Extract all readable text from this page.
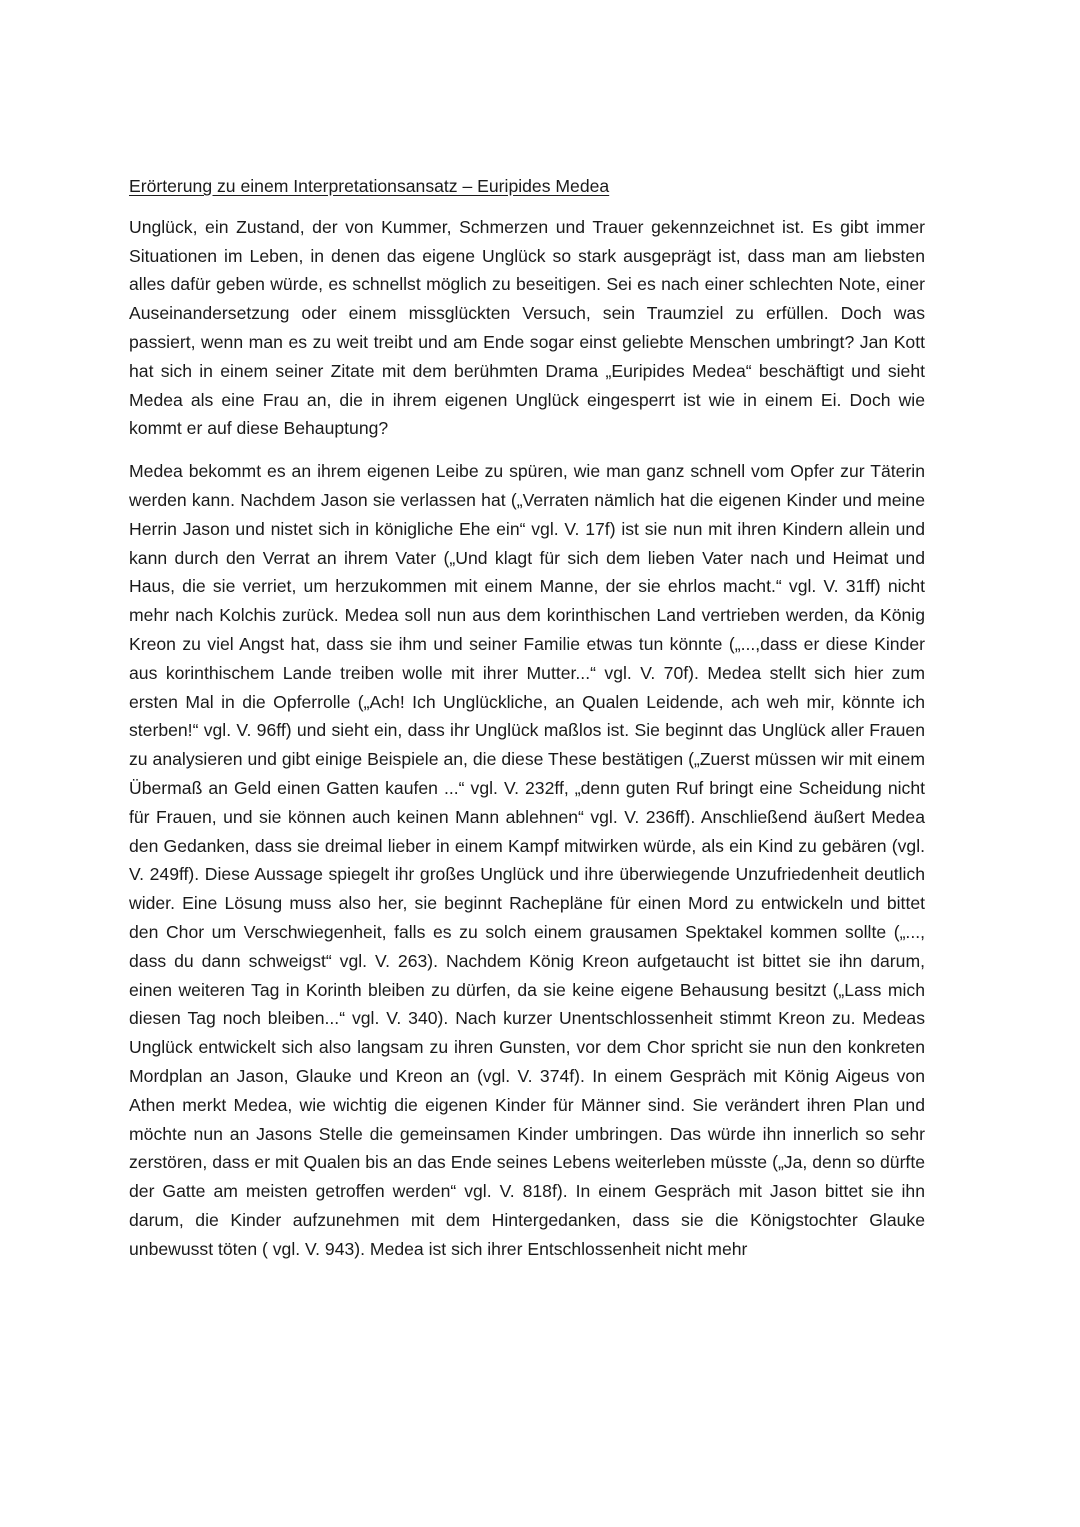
Erörterung zu einem Interpretationsansatz – Euripides Medea

Unglück, ein Zustand, der von Kummer, Schmerzen und Trauer gekennzeichnet ist. Es gibt immer Situationen im Leben, in denen das eigene Unglück so stark ausgeprägt ist, dass man am liebsten alles dafür geben würde, es schnellst möglich zu beseitigen. Sei es nach einer schlechten Note, einer Auseinandersetzung oder einem missglückten Versuch, sein Traumziel zu erfüllen. Doch was passiert, wenn man es zu weit treibt und am Ende sogar einst geliebte Menschen umbringt? Jan Kott hat sich in einem seiner Zitate mit dem berühmten Drama „Euripides Medea“ beschäftigt und sieht Medea als eine Frau an, die in ihrem eigenen Unglück eingesperrt ist wie in einem Ei. Doch wie kommt er auf diese Behauptung?

Medea bekommt es an ihrem eigenen Leibe zu spüren, wie man ganz schnell vom Opfer zur Täterin werden kann. Nachdem Jason sie verlassen hat („Verraten nämlich hat die eigenen Kinder und meine Herrin Jason und nistet sich in königliche Ehe ein“ vgl. V. 17f) ist sie nun mit ihren Kindern allein und kann durch den Verrat an ihrem Vater („Und klagt für sich dem lieben Vater nach und Heimat und Haus, die sie verriet, um herzukommen mit einem Manne, der sie ehrlos macht.“ vgl. V. 31ff) nicht mehr nach Kolchis zurück. Medea soll nun aus dem korinthischen Land vertrieben werden, da König Kreon zu viel Angst hat, dass sie ihm und seiner Familie etwas tun könnte („...,dass er diese Kinder aus korinthischem Lande treiben wolle mit ihrer Mutter...“ vgl. V. 70f). Medea stellt sich hier zum ersten Mal in die Opferrolle („Ach! Ich Unglückliche, an Qualen Leidende, ach weh mir, könnte ich sterben!“ vgl. V. 96ff) und sieht ein, dass ihr Unglück maßlos ist. Sie beginnt das Unglück aller Frauen zu analysieren und gibt einige Beispiele an, die diese These bestätigen („Zuerst müssen wir mit einem Übermaß an Geld einen Gatten kaufen ...“ vgl. V. 232ff, „denn guten Ruf bringt eine Scheidung nicht für Frauen, und sie können auch keinen Mann ablehnen“ vgl. V. 236ff). Anschließend äußert Medea den Gedanken, dass sie dreimal lieber in einem Kampf mitwirken würde, als ein Kind zu gebären (vgl. V. 249ff). Diese Aussage spiegelt ihr großes Unglück und ihre überwiegende Unzufriedenheit deutlich wider. Eine Lösung muss also her, sie beginnt Rachepläne für einen Mord zu entwickeln und bittet den Chor um Verschwiegenheit, falls es zu solch einem grausamen Spektakel kommen sollte („..., dass du dann schweigst“ vgl. V. 263). Nachdem König Kreon aufgetaucht ist bittet sie ihn darum, einen weiteren Tag in Korinth bleiben zu dürfen, da sie keine eigene Behausung besitzt („Lass mich diesen Tag noch bleiben...“ vgl. V. 340). Nach kurzer Unentschlossenheit stimmt Kreon zu. Medeas Unglück entwickelt sich also langsam zu ihren Gunsten, vor dem Chor spricht sie nun den konkreten Mordplan an Jason, Glauke und Kreon an (vgl. V. 374f). In einem Gespräch mit König Aigeus von Athen merkt Medea, wie wichtig die eigenen Kinder für Männer sind. Sie verändert ihren Plan und möchte nun an Jasons Stelle die gemeinsamen Kinder umbringen. Das würde ihn innerlich so sehr zerstören, dass er mit Qualen bis an das Ende seines Lebens weiterleben müsste („Ja, denn so dürfte der Gatte am meisten getroffen werden“ vgl. V. 818f). In einem Gespräch mit Jason bittet sie ihn darum, die Kinder aufzunehmen mit dem Hintergedanken, dass sie die Königstochter Glauke unbewusst töten ( vgl. V. 943). Medea ist sich ihrer Entschlossenheit nicht mehr
